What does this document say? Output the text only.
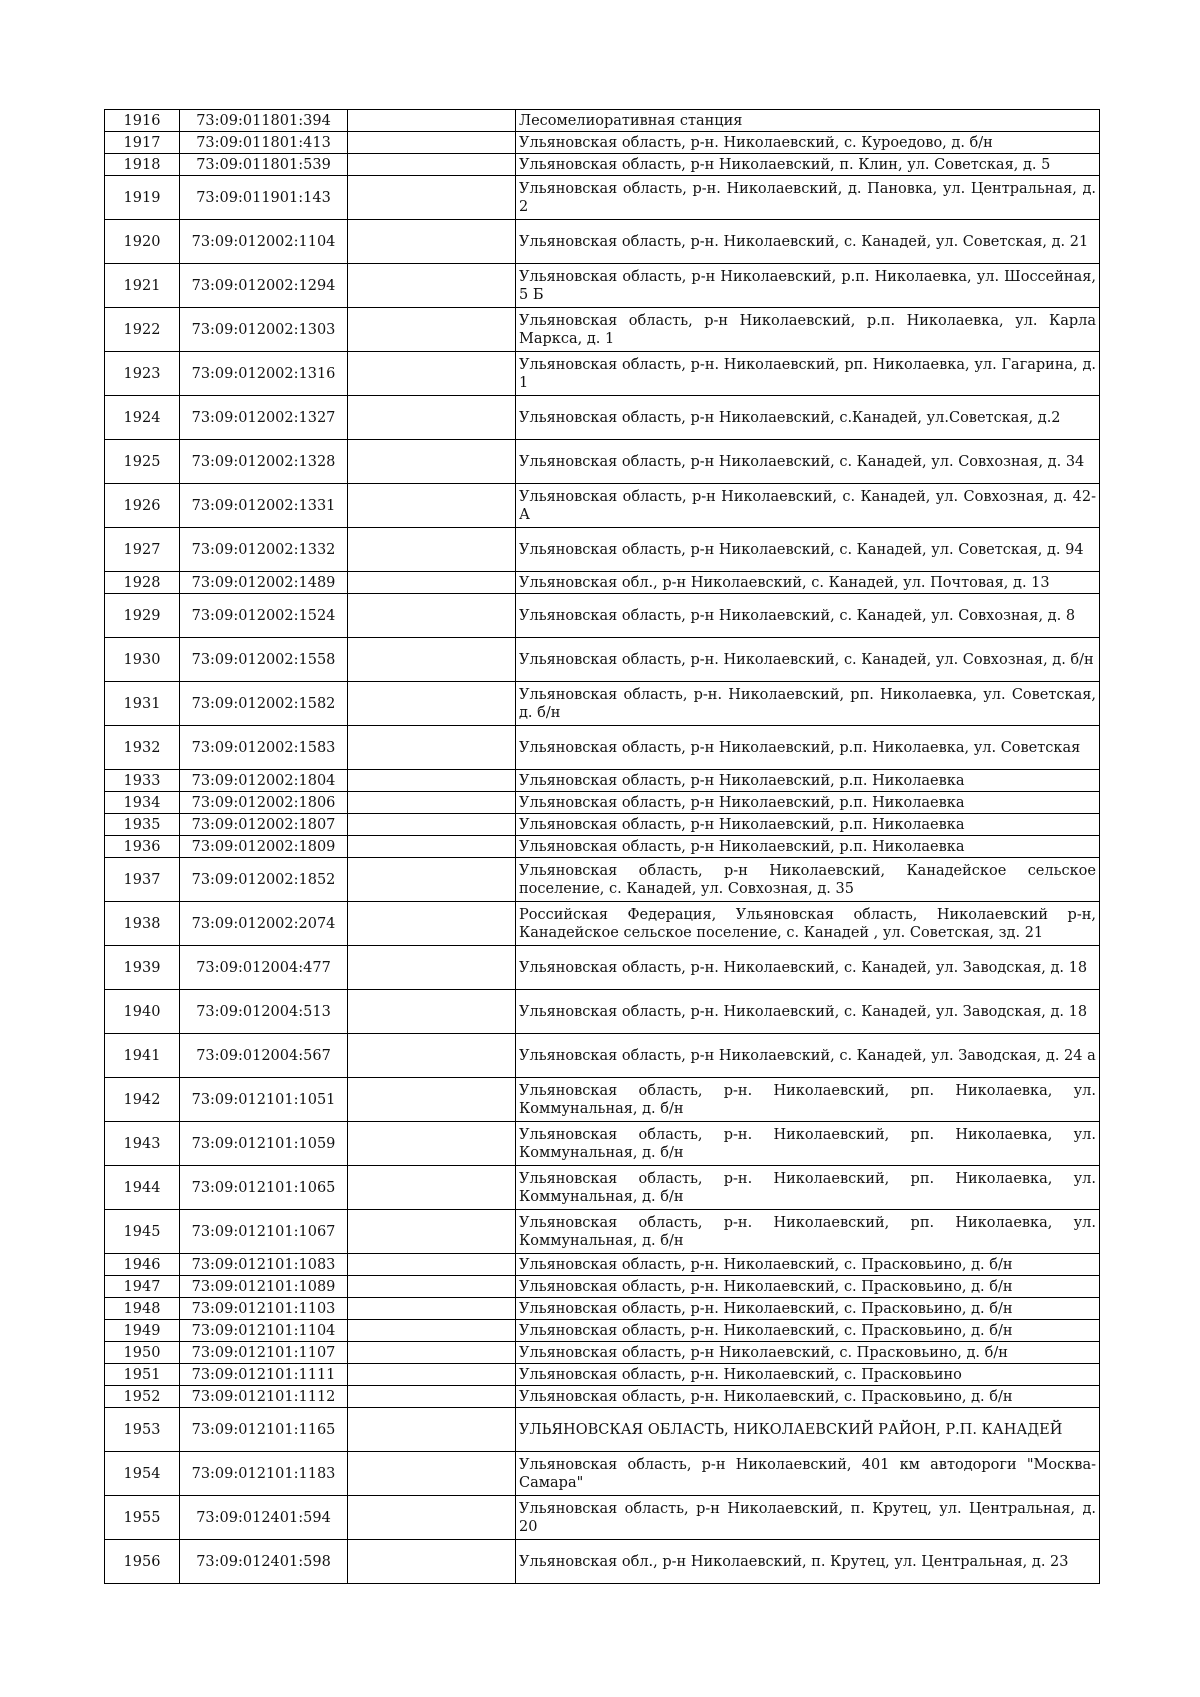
1916	73:09:011801:394		Лесомелиоративная станция
1917	73:09:011801:413		Ульяновская область, р-н. Николаевский, с. Куроедово, д. б/н
1918	73:09:011801:539		Ульяновская область, р-н Николаевский, п. Клин, ул. Советская, д. 5
1919	73:09:011901:143		Ульяновская область, р-н. Николаевский, д. Пановка, ул. Центральная, д. 2
1920	73:09:012002:1104		Ульяновская область, р-н. Николаевский, с. Канадей, ул. Советская, д. 21
1921	73:09:012002:1294		Ульяновская область, р-н Николаевский, р.п. Николаевка, ул. Шоссейная, 5 Б
1922	73:09:012002:1303		Ульяновская область, р-н Николаевский, р.п. Николаевка, ул. Карла Маркса, д. 1
1923	73:09:012002:1316		Ульяновская область, р-н. Николаевский, рп. Николаевка, ул. Гагарина, д. 1
1924	73:09:012002:1327		Ульяновская область, р-н Николаевский, с.Канадей, ул.Советская, д.2
1925	73:09:012002:1328		Ульяновская область, р-н Николаевский, с. Канадей, ул. Совхозная, д. 34
1926	73:09:012002:1331		Ульяновская область, р-н Николаевский, с. Канадей, ул. Совхозная, д. 42-А
1927	73:09:012002:1332		Ульяновская область, р-н Николаевский, с. Канадей, ул. Советская, д. 94
1928	73:09:012002:1489		Ульяновская обл., р-н Николаевский, с. Канадей, ул. Почтовая, д. 13
1929	73:09:012002:1524		Ульяновская область, р-н Николаевский, с. Канадей, ул. Совхозная, д. 8
1930	73:09:012002:1558		Ульяновская область, р-н. Николаевский, с. Канадей, ул. Совхозная, д. б/н
1931	73:09:012002:1582		Ульяновская область, р-н. Николаевский, рп. Николаевка, ул. Советская, д. б/н
1932	73:09:012002:1583		Ульяновская область, р-н Николаевский, р.п. Николаевка, ул. Советская
1933	73:09:012002:1804		Ульяновская область, р-н Николаевский, р.п. Николаевка
1934	73:09:012002:1806		Ульяновская область, р-н Николаевский, р.п. Николаевка
1935	73:09:012002:1807		Ульяновская область, р-н Николаевский, р.п. Николаевка
1936	73:09:012002:1809		Ульяновская область, р-н Николаевский, р.п. Николаевка
1937	73:09:012002:1852		Ульяновская область, р-н Николаевский, Канадейское сельское поселение, с. Канадей, ул. Совхозная, д. 35
1938	73:09:012002:2074		Российская Федерация, Ульяновская область, Николаевский р-н, Канадейское сельское поселение, с. Канадей , ул. Советская, зд. 21
1939	73:09:012004:477		Ульяновская область, р-н. Николаевский, с. Канадей, ул. Заводская, д. 18
1940	73:09:012004:513		Ульяновская область, р-н. Николаевский, с. Канадей, ул. Заводская, д. 18
1941	73:09:012004:567		Ульяновская область, р-н Николаевский, с. Канадей, ул. Заводская, д. 24 а
1942	73:09:012101:1051		Ульяновская область, р-н. Николаевский, рп. Николаевка, ул. Коммунальная, д. б/н
1943	73:09:012101:1059		Ульяновская область, р-н. Николаевский, рп. Николаевка, ул. Коммунальная, д. б/н
1944	73:09:012101:1065		Ульяновская область, р-н. Николаевский, рп. Николаевка, ул. Коммунальная, д. б/н
1945	73:09:012101:1067		Ульяновская область, р-н. Николаевский, рп. Николаевка, ул. Коммунальная, д. б/н
1946	73:09:012101:1083		Ульяновская область, р-н. Николаевский, с. Прасковьино, д. б/н
1947	73:09:012101:1089		Ульяновская область, р-н. Николаевский, с. Прасковьино, д. б/н
1948	73:09:012101:1103		Ульяновская область, р-н. Николаевский, с. Прасковьино, д. б/н
1949	73:09:012101:1104		Ульяновская область, р-н. Николаевский, с. Прасковьино, д. б/н
1950	73:09:012101:1107		Ульяновская область, р-н Николаевский, с. Прасковьино, д. б/н
1951	73:09:012101:1111		Ульяновская область, р-н. Николаевский, с. Прасковьино
1952	73:09:012101:1112		Ульяновская область, р-н. Николаевский, с. Прасковьино, д. б/н
1953	73:09:012101:1165		УЛЬЯНОВСКАЯ ОБЛАСТЬ, НИКОЛАЕВСКИЙ РАЙОН, Р.П. КАНАДЕЙ
1954	73:09:012101:1183		Ульяновская область, р-н Николаевский, 401 км автодороги "Москва-Самара"
1955	73:09:012401:594		Ульяновская область, р-н Николаевский, п. Крутец, ул. Центральная, д. 20
1956	73:09:012401:598		Ульяновская обл., р-н Николаевский, п. Крутец, ул. Центральная, д. 23
